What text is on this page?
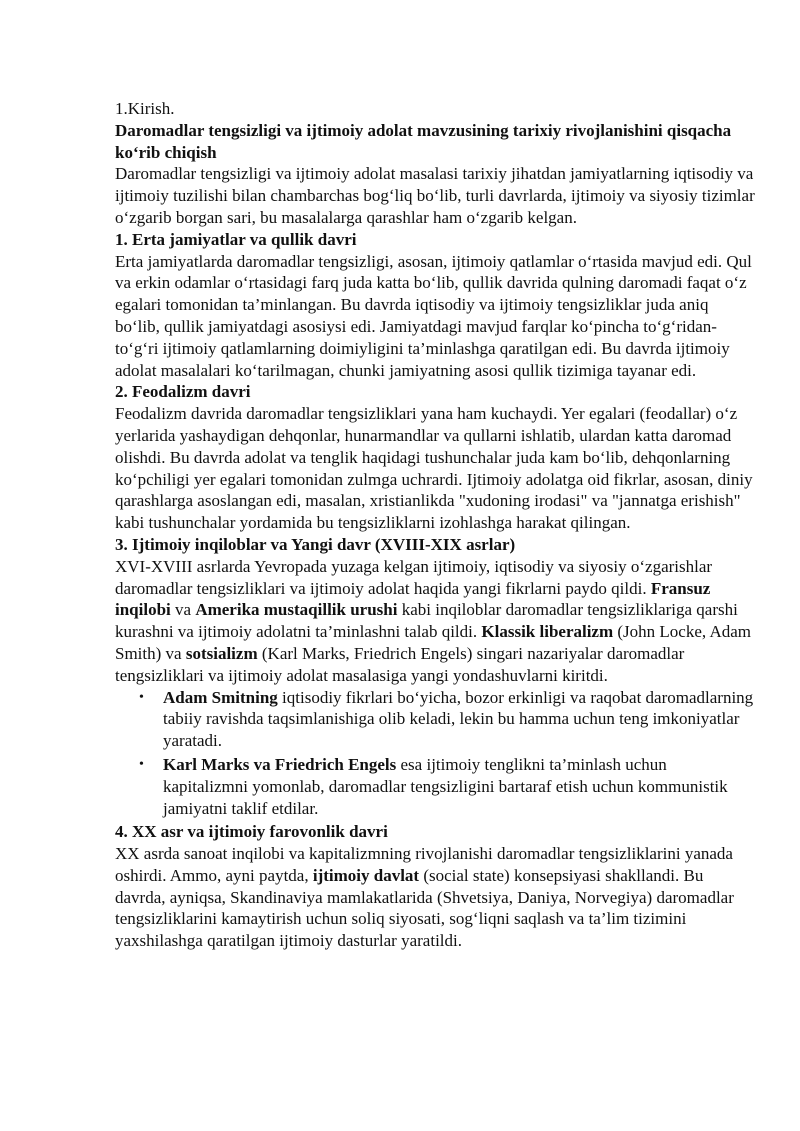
1.Kirish.

Daromadlar tengsizligi va ijtimoiy adolat mavzusining tarixiy rivojlanishini qisqacha ko‘rib chiqish

Daromadlar tengsizligi va ijtimoiy adolat masalasi tarixiy jihatdan jamiyatlarning iqtisodiy va ijtimoiy tuzilishi bilan chambarchas bog‘liq bo‘lib, turli davrlarda, ijtimoiy va siyosiy tizimlar o‘zgarib borgan sari, bu masalalarga qarashlar ham o‘zgarib kelgan.

1. Erta jamiyatlar va qullik davri

Erta jamiyatlarda daromadlar tengsizligi, asosan, ijtimoiy qatlamlar o‘rtasida mavjud edi. Qul va erkin odamlar o‘rtasidagi farq juda katta bo‘lib, qullik davrida qulning daromadi faqat o‘z egalari tomonidan ta’minlangan. Bu davrda iqtisodiy va ijtimoiy tengsizliklar juda aniq bo‘lib, qullik jamiyatdagi asosiysi edi. Jamiyatdagi mavjud farqlar ko‘pincha to‘g‘ridan-to‘g‘ri ijtimoiy qatlamlarning doimiyligini ta’minlashga qaratilgan edi. Bu davrda ijtimoiy adolat masalalari ko‘tarilmagan, chunki jamiyatning asosi qullik tizimiga tayanar edi.

2. Feodalizm davri

Feodalizm davrida daromadlar tengsizliklari yana ham kuchaydi. Yer egalari (feodallar) o‘z yerlarida yashaydigan dehqonlar, hunarmandlar va qullarni ishlatib, ulardan katta daromad olishdi. Bu davrda adolat va tenglik haqidagi tushunchalar juda kam bo‘lib, dehqonlarning ko‘pchiligi yer egalari tomonidan zulmga uchrardi. Ijtimoiy adolatga oid fikrlar, asosan, diniy qarashlarga asoslangan edi, masalan, xristianlikda "xudoning irodasi" va "jannatga erishish" kabi tushunchalar yordamida bu tengsizliklarni izohlashga harakat qilingan.

3. Ijtimoiy inqiloblar va Yangi davr (XVIII-XIX asrlar)

XVI-XVIII asrlarda Yevropada yuzaga kelgan ijtimoiy, iqtisodiy va siyosiy o‘zgarishlar daromadlar tengsizliklari va ijtimoiy adolat haqida yangi fikrlarni paydo qildi. Fransuz inqilobi va Amerika mustaqillik urushi kabi inqiloblar daromadlar tengsizliklariga qarshi kurashni va ijtimoiy adolatni ta’minlashni talab qildi. Klassik liberalizm (John Locke, Adam Smith) va sotsializm (Karl Marks, Friedrich Engels) singari nazariyalar daromadlar tengsizliklari va ijtimoiy adolat masalasiga yangi yondashuvlarni kiritdi.

• Adam Smitning iqtisodiy fikrlari bo‘yicha, bozor erkinligi va raqobat daromadlarning tabiiy ravishda taqsimlanishiga olib keladi, lekin bu hamma uchun teng imkoniyatlar yaratadi.
• Karl Marks va Friedrich Engels esa ijtimoiy tenglikni ta’minlash uchun kapitalizmni yomonlab, daromadlar tengsizligini bartaraf etish uchun kommunistik jamiyatni taklif etdilar.
4. XX asr va ijtimoiy farovonlik davri

XX asrda sanoat inqilobi va kapitalizmning rivojlanishi daromadlar tengsizliklarini yanada oshirdi. Ammo, ayni paytda, ijtimoiy davlat (social state) konsepsiyasi shakllandi. Bu davrda, ayniqsa, Skandinaviya mamlakatlarida (Shvetsiya, Daniya, Norvegiya) daromadlar tengsizliklarini kamaytirish uchun soliq siyosati, sog‘liqni saqlash va ta’lim tizimini yaxshilashga qaratilgan ijtimoiy dasturlar yaratildi.
